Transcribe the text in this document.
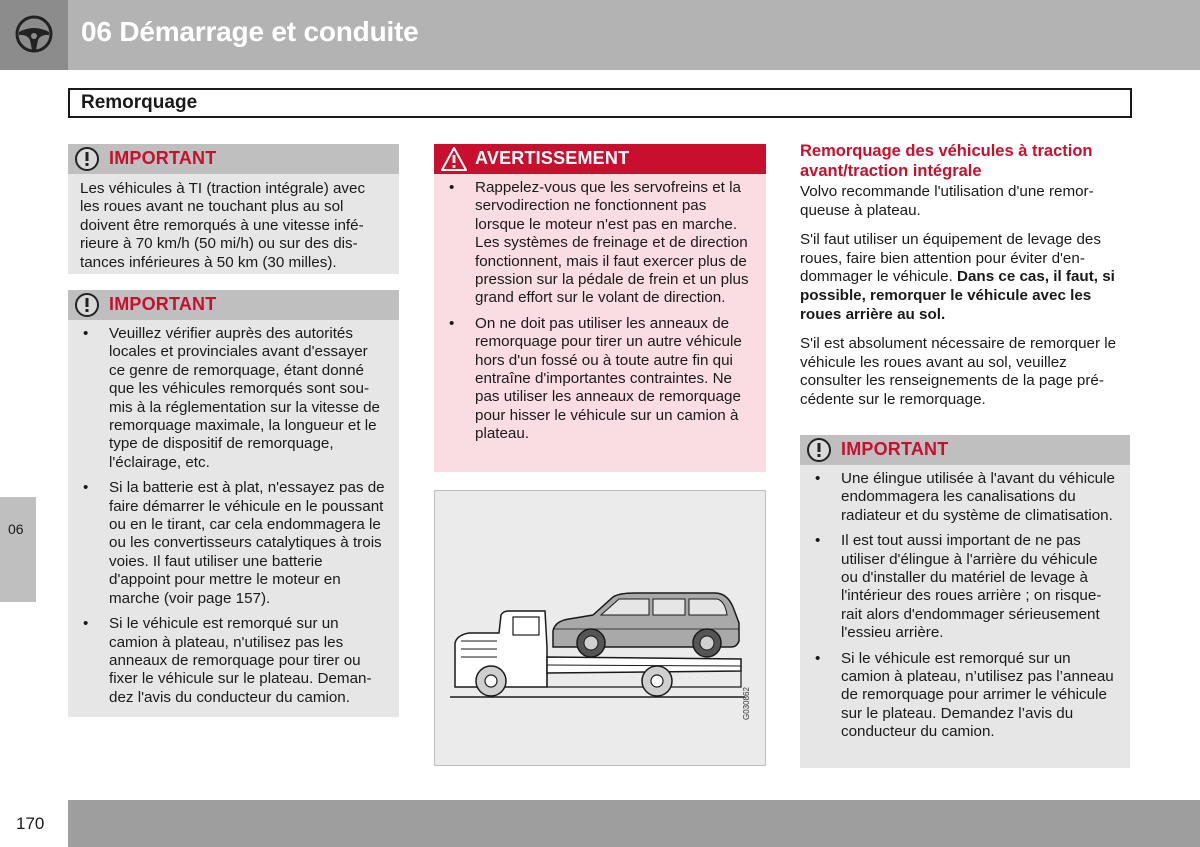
06 Démarrage et conduite
Remorquage
IMPORTANT

Les véhicules à TI (traction intégrale) avec les roues avant ne touchant plus au sol doivent être remorqués à une vitesse inférieure à 70 km/h (50 mi/h) ou sur des distances inférieures à 50 km (30 milles).

IMPORTANT
• Veuillez vérifier auprès des autorités locales et provinciales avant d'essayer ce genre de remorquage, étant donné que les véhicules remorqués sont soumis à la réglementation sur la vitesse de remorquage maximale, la longueur et le type de dispositif de remorquage, l'éclairage, etc.
• Si la batterie est à plat, n'essayez pas de faire démarrer le véhicule en le poussant ou en le tirant, car cela endommagera le ou les convertisseurs catalytiques à trois voies. Il faut utiliser une batterie d'appoint pour mettre le moteur en marche (voir page 157).
• Si le véhicule est remorqué sur un camion à plateau, n'utilisez pas les anneaux de remorquage pour tirer ou fixer le véhicule sur le plateau. Demandez l'avis du conducteur du camion.
AVERTISSEMENT
• Rappelez-vous que les servofreins et la servodirection ne fonctionnent pas lorsque le moteur n'est pas en marche. Les systèmes de freinage et de direction fonctionnent, mais il faut exercer plus de pression sur la pédale de frein et un plus grand effort sur le volant de direction.
• On ne doit pas utiliser les anneaux de remorquage pour tirer un autre véhicule hors d'un fossé ou à toute autre fin qui entraîne d'importantes contraintes. Ne pas utiliser les anneaux de remorquage pour hisser le véhicule sur un camion à plateau.
G030862
Remorquage des véhicules à traction avant/traction intégrale

Volvo recommande l'utilisation d'une remorqueuse à plateau.

S'il faut utiliser un équipement de levage des roues, faire bien attention pour éviter d'endommager le véhicule. Dans ce cas, il faut, si possible, remorquer le véhicule avec les roues arrière au sol.

S'il est absolument nécessaire de remorquer le véhicule les roues avant au sol, veuillez consulter les renseignements de la page précédente sur le remorquage.

IMPORTANT
• Une élingue utilisée à l'avant du véhicule endommagera les canalisations du radiateur et du système de climatisation.
• Il est tout aussi important de ne pas utiliser d'élingue à l'arrière du véhicule ou d'installer du matériel de levage à l'intérieur des roues arrière ; on risquerait alors d'endommager sérieusement l'essieu arrière.
• Si le véhicule est remorqué sur un camion à plateau, n’utilisez pas l’anneau de remorquage pour arrimer le véhicule sur le plateau. Demandez l’avis du conducteur du camion.
06
170
